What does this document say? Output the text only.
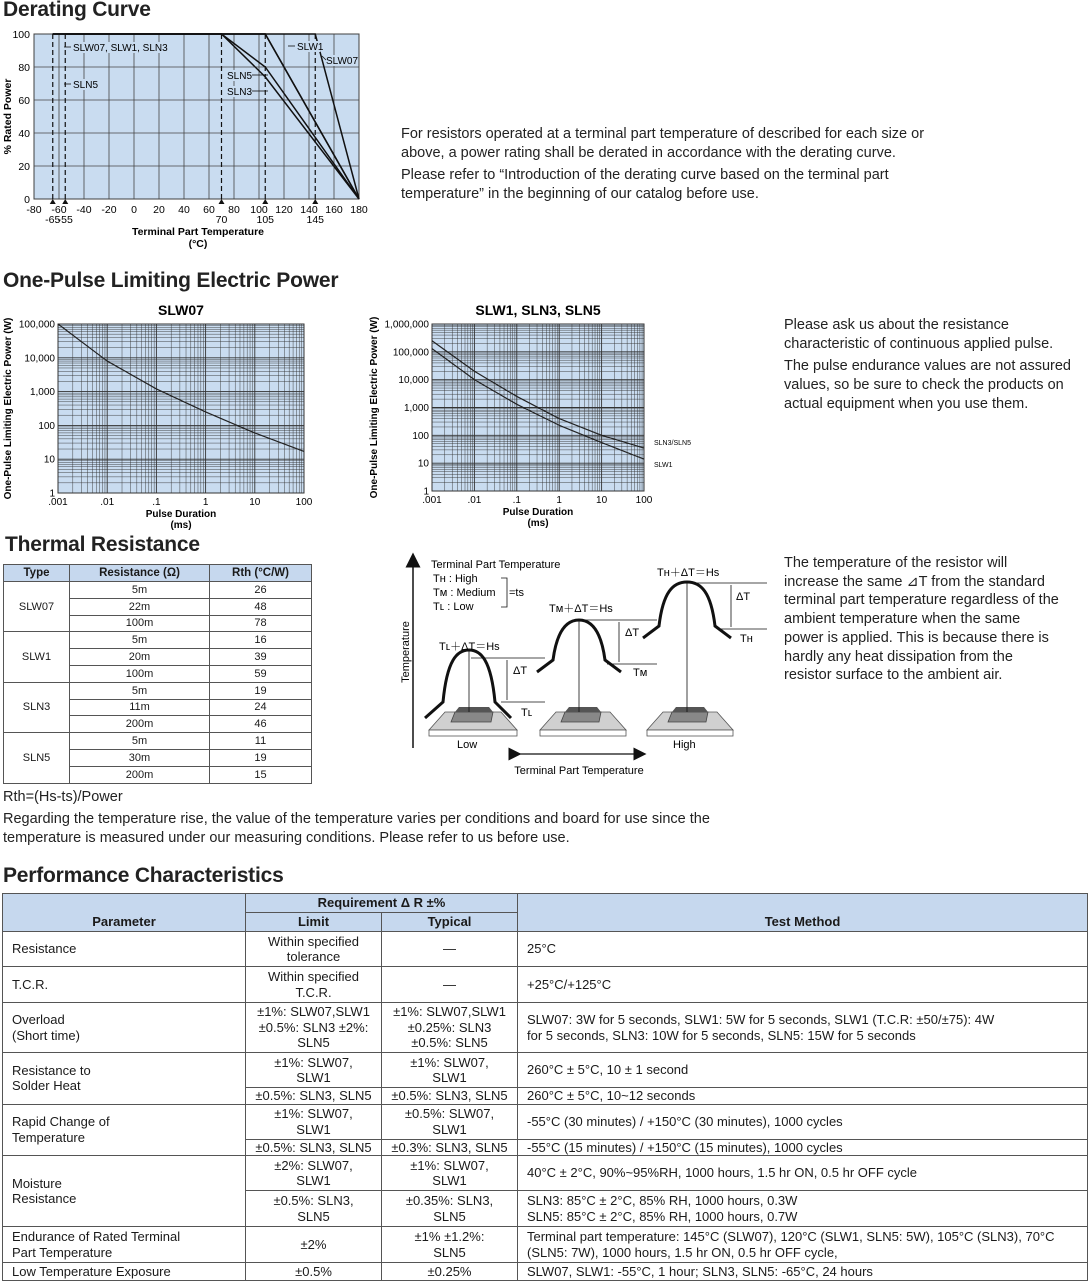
Derating Curve
One-Pulse Limiting Electric Power
Thermal Resistance
Performance Characteristics
-80 -60 -40 -20 0 20 40 60 80 100 120 140 160 180
0
20
40
60
80
100
-65
-55	70	105	145
SLW07, SLW1, SLN3
SLN5
SLW1
SLW07
SLN5
SLN3
% Rated Power
Terminal Part Temperature
(°C)

For resistors operated at a terminal part temperature of described for each size or above, a power rating shall be derated in accordance with the derating curve.

Please refer to “Introduction of the derating curve based on the terminal part temperature” in the beginning of our catalog before use.

SLW07
.001	.01	.1	1	10	100
1
10
100
1,000
10,000
100,000
One-Pulse Limiting Electric Power (W)
Pulse Duration
(ms)
SLW1, SLN3, SLN5
.001	.01	.1	1	10	100
1
10
100
1,000
10,000
100,000
1,000,000
SLN3/SLN5
SLW1
One-Pulse Limiting Electric Power (W)
Pulse Duration
(ms)

Please ask us about the resistance characteristic of continuous applied pulse.

The pulse endurance values are not assured values, so be sure to check the products on actual equipment when you use them.

Type	Resistance (Ω)	Rth (°C/W)
SLW07	5m	26
	22m	48
	100m	78
SLW1	5m	16
	20m	39
	100m	59
SLN3	5m	19
	11m	24
	200m	46
SLN5	5m	11
	30m	19
	200m	15
Rth=(Hs-ts)/Power
Regarding the temperature rise, the value of the temperature varies per conditions and board for use since the temperature is measured under our measuring conditions. Please refer to us before use.
Temperature
Terminal Part Temperature
Terminal Part Temperature
Tʜ : High
Tᴍ : Medium
Tʟ : Low
=ts
Tʟ＋ΔT＝Hs
ΔT
Tʟ
Low
Tᴍ＋ΔT＝Hs
ΔT
Tᴍ
Tʜ＋ΔT＝Hs
ΔT
Tʜ
High
The temperature of the resistor will increase the same ⊿T from the standard terminal part temperature regardless of the ambient temperature when the same power is applied. This is because there is hardly any heat dissipation from the resistor surface to the ambient air.
Parameter	Requirement Δ R ±%		Test Method
	Limit	Typical	
Resistance	Within specified tolerance	—	25°C
T.C.R.	Within specified T.C.R.	—	+25°C/+125°C
Overload (Short time)	±1%: SLW07,SLW1 ±0.5%: SLN3 ±2%: SLN5	±1%: SLW07,SLW1 ±0.25%: SLN3 ±0.5%: SLN5	SLW07: 3W for 5 seconds, SLW1: 5W for 5 seconds, SLW1 (T.C.R: ±50/±75): 4W for 5 seconds, SLN3: 10W for 5 seconds, SLN5: 15W for 5 seconds
Resistance to Solder Heat	±1%: SLW07, SLW1	±1%: SLW07, SLW1	260°C ± 5°C, 10 ± 1 second
	±0.5%: SLN3, SLN5	±0.5%: SLN3, SLN5	260°C ± 5°C, 10~12 seconds
Rapid Change of Temperature	±1%: SLW07, SLW1	±0.5%: SLW07, SLW1	-55°C (30 minutes) / +150°C (30 minutes), 1000 cycles
	±0.5%: SLN3, SLN5	±0.3%: SLN3, SLN5	-55°C (15 minutes) / +150°C (15 minutes), 1000 cycles
Moisture Resistance	±2%: SLW07, SLW1	±1%: SLW07, SLW1	40°C ± 2°C, 90%~95%RH, 1000 hours, 1.5 hr ON, 0.5 hr OFF cycle
	±0.5%: SLN3, SLN5	±0.35%: SLN3, SLN5	SLN3: 85°C ± 2°C, 85% RH, 1000 hours, 0.3W SLN5: 85°C ± 2°C, 85% RH, 1000 hours, 0.7W
Endurance of Rated Terminal Part Temperature	±2%	±1% ±1.2%: SLN5	Terminal part temperature: 145°C (SLW07), 120°C (SLW1, SLN5: 5W), 105°C (SLN3), 70°C (SLN5: 7W), 1000 hours, 1.5 hr ON, 0.5 hr OFF cycle,
Low Temperature Exposure	±0.5%	±0.25%	SLW07, SLW1: -55°C, 1 hour; SLN3, SLN5: -65°C, 24 hours
